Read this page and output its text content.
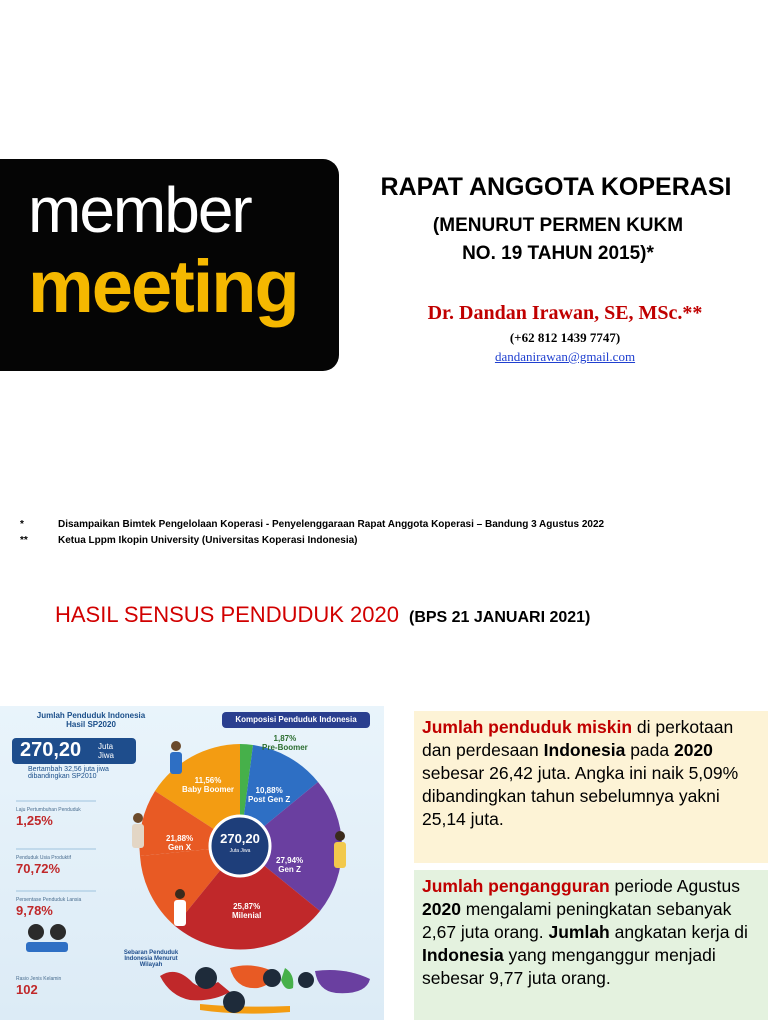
member
meeting
RAPAT ANGGOTA KOPERASI
(MENURUT PERMEN KUKM
NO. 19 TAHUN 2015)*
Dr. Dandan Irawan, SE, MSc.**
(+62 812 1439 7747)
dandanirawan@gmail.com
*	Disampaikan Bimtek Pengelolaan Koperasi - Penyelenggaraan Rapat Anggota Koperasi – Bandung 3 Agustus 2022
**	Ketua Lppm Ikopin University (Universitas Koperasi Indonesia)
HASIL SENSUS PENDUDUK 2020 (BPS 21 JANUARI 2021)
Jumlah Penduduk Indonesia
Hasil SP2020
Komposisi Penduduk Indonesia
270,20 Juta
Jiwa
Bertambah 32,56 juta jiwa dibandingkan SP2010
Laju Pertumbuhan Penduduk
1,25%
Penduduk Usia Produktif
70,72%
Persentase Penduduk Lansia
9,78%
Rasio Jenis Kelamin
102
1,87%
Pre-Boomer
11,56%
Baby Boomer	10,88%
Post Gen Z
21,88%
Gen X
27,94%
Gen Z
25,87%
Milenial
270,20
Juta Jiwa
Sebaran Penduduk Indonesia Menurut Wilayah
Jumlah penduduk miskin di perkotaan dan perdesaan Indonesia pada 2020 sebesar 26,42 juta. Angka ini naik 5,09% dibandingkan tahun sebelumnya yakni 25,14 juta.
Jumlah pengangguran periode Agustus 2020 mengalami peningkatan sebanyak 2,67 juta orang. Jumlah angkatan kerja di Indonesia yang menganggur menjadi sebesar 9,77 juta orang.
